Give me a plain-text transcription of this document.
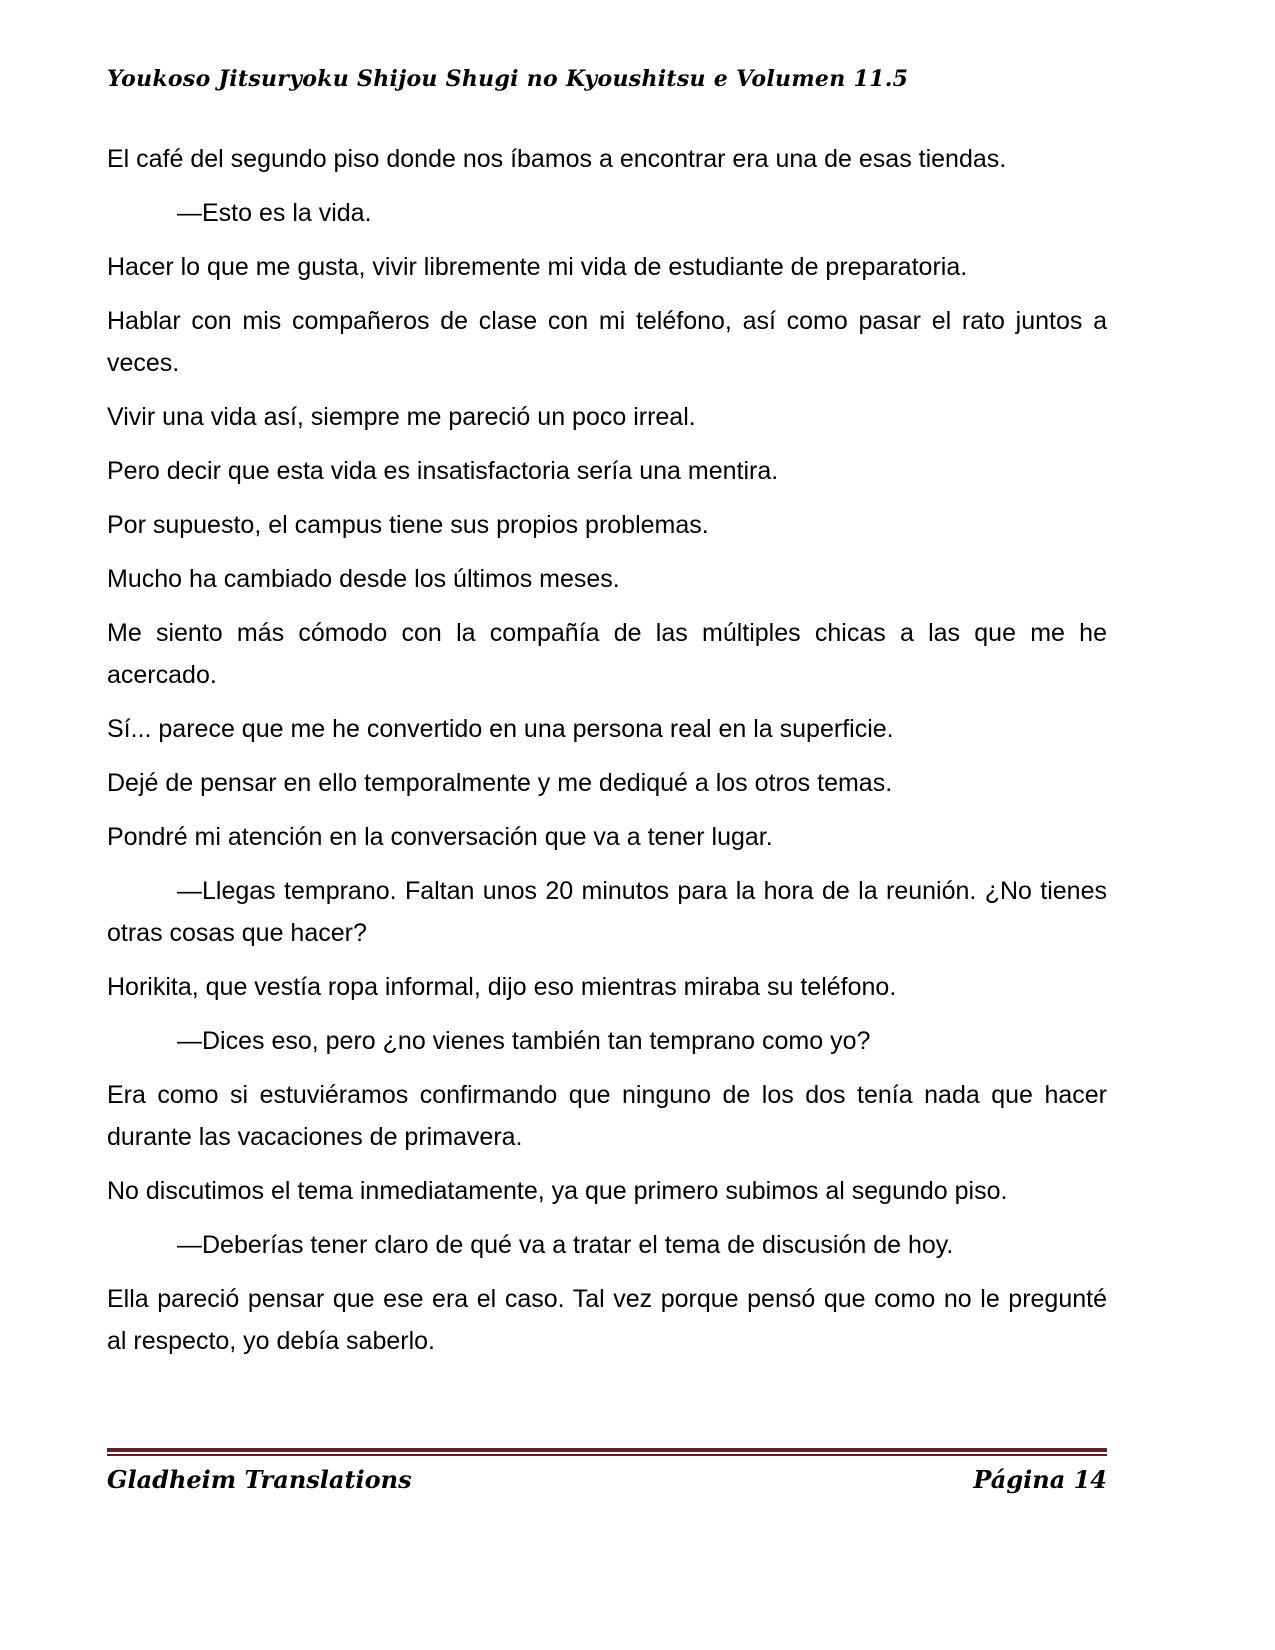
Youkoso Jitsuryoku Shijou Shugi no Kyoushitsu e Volumen 11.5

El café del segundo piso donde nos íbamos a encontrar era una de esas tiendas.

—Esto es la vida.

Hacer lo que me gusta, vivir libremente mi vida de estudiante de preparatoria.

Hablar con mis compañeros de clase con mi teléfono, así como pasar el rato juntos a veces.

Vivir una vida así, siempre me pareció un poco irreal.

Pero decir que esta vida es insatisfactoria sería una mentira.

Por supuesto, el campus tiene sus propios problemas.

Mucho ha cambiado desde los últimos meses.

Me siento más cómodo con la compañía de las múltiples chicas a las que me he acercado.

Sí... parece que me he convertido en una persona real en la superficie.

Dejé de pensar en ello temporalmente y me dediqué a los otros temas.

Pondré mi atención en la conversación que va a tener lugar.

—Llegas temprano. Faltan unos 20 minutos para la hora de la reunión. ¿No tienes otras cosas que hacer?

Horikita, que vestía ropa informal, dijo eso mientras miraba su teléfono.

—Dices eso, pero ¿no vienes también tan temprano como yo?

Era como si estuviéramos confirmando que ninguno de los dos tenía nada que hacer durante las vacaciones de primavera.

No discutimos el tema inmediatamente, ya que primero subimos al segundo piso.

—Deberías tener claro de qué va a tratar el tema de discusión de hoy.

Ella pareció pensar que ese era el caso. Tal vez porque pensó que como no le pregunté al respecto, yo debía saberlo.

Gladheim Translations	Página 14
